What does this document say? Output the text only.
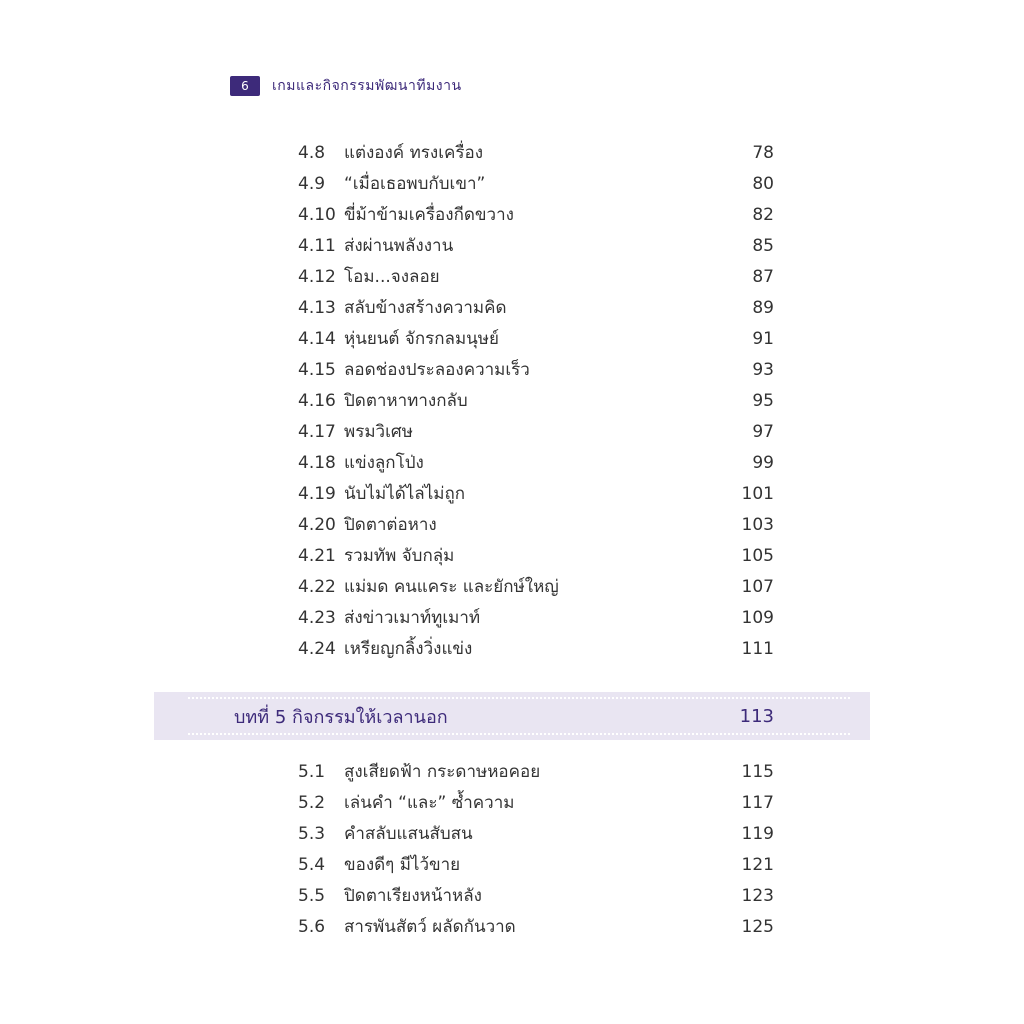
6	เกมและกิจกรรมพัฒนาทีมงาน
4.8	แต่งองค์ ทรงเครื่อง	78
4.9	“เมื่อเธอพบกับเขา”	80
4.10 ขี่ม้าข้ามเครื่องกีดขวาง	82
4.11 ส่งผ่านพลังงาน	85
4.12 โอม...จงลอย	87
4.13 สลับข้างสร้างความคิด	89
4.14 หุ่นยนต์ จักรกลมนุษย์	91
4.15 ลอดช่องประลองความเร็ว	93
4.16 ปิดตาหาทางกลับ	95
4.17 พรมวิเศษ	97
4.18 แข่งลูกโป่ง	99
4.19 นับไม่ได้ไล่ไม่ถูก	101
4.20 ปิดตาต่อหาง	103
4.21 รวมทัพ จับกลุ่ม	105
4.22 แม่มด คนแคระ และยักษ์ใหญ่	107
4.23 ส่งข่าวเมาท์ทูเมาท์	109
4.24 เหรียญกลิ้งวิ่งแข่ง	111
บทที่ 5 กิจกรรมให้เวลานอก	113
5.1	สูงเสียดฟ้า กระดาษหอคอย	115
5.2	เล่นคำ “และ” ซ้ำความ	117
5.3	คำสลับแสนสับสน	119
5.4	ของดีๆ มีไว้ขาย	121
5.5	ปิดตาเรียงหน้าหลัง	123
5.6	สารพันสัตว์ ผลัดกันวาด	125
